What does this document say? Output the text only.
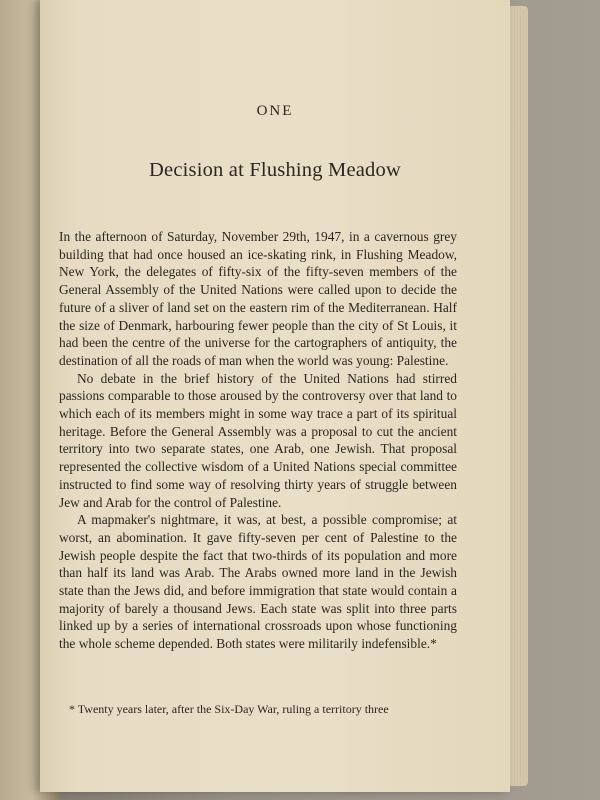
ONE
Decision at Flushing Meadow

In the afternoon of Saturday, November 29th, 1947, in a cavernous grey building that had once housed an ice-skating rink, in Flushing Meadow, New York, the delegates of fifty-six of the fifty-seven members of the General Assembly of the United Nations were called upon to decide the future of a sliver of land set on the eastern rim of the Mediterranean. Half the size of Denmark, harbouring fewer people than the city of St Louis, it had been the centre of the universe for the cartographers of antiquity, the destination of all the roads of man when the world was young: Palestine.

No debate in the brief history of the United Nations had stirred passions comparable to those aroused by the controversy over that land to which each of its members might in some way trace a part of its spiritual heritage. Before the General Assembly was a proposal to cut the ancient territory into two separate states, one Arab, one Jewish. That proposal represented the collective wisdom of a United Nations special committee instructed to find some way of resolving thirty years of struggle between Jew and Arab for the control of Palestine.

A mapmaker's nightmare, it was, at best, a possible compromise; at worst, an abomination. It gave fifty-seven per cent of Palestine to the Jewish people despite the fact that two-thirds of its population and more than half its land was Arab. The Arabs owned more land in the Jewish state than the Jews did, and before immigration that state would contain a majority of barely a thousand Jews. Each state was split into three parts linked up by a series of international crossroads upon whose functioning the whole scheme depended. Both states were militarily indefensible.*

* Twenty years later, after the Six-Day War, ruling a territory three
